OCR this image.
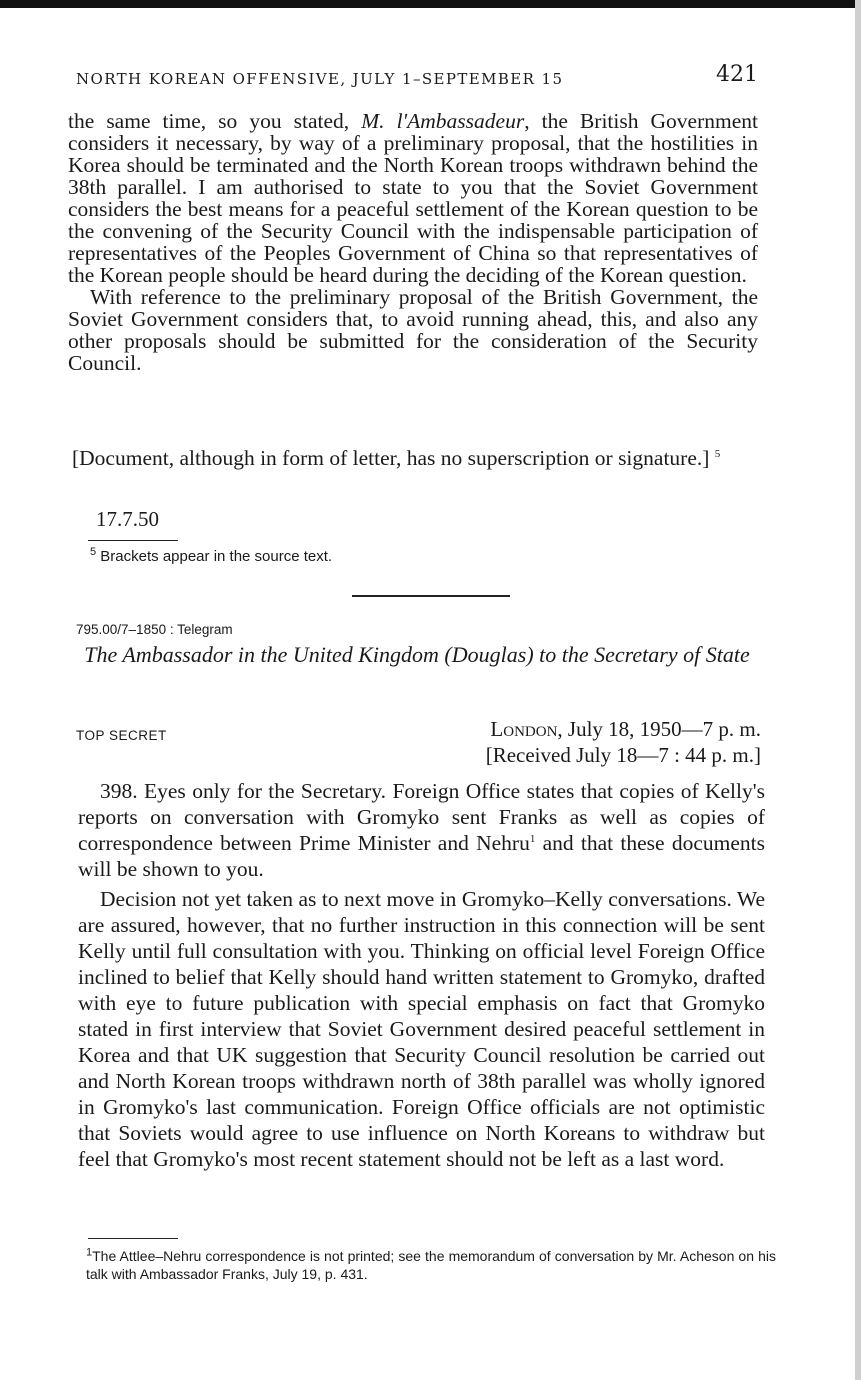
NORTH KOREAN OFFENSIVE, JULY 1–SEPTEMBER 15	421

the same time, so you stated, M. l'Ambassadeur, the British Government considers it necessary, by way of a preliminary proposal, that the hostilities in Korea should be terminated and the North Korean troops withdrawn behind the 38th parallel. I am authorised to state to you that the Soviet Government considers the best means for a peaceful settlement of the Korean question to be the convening of the Security Council with the indispensable participation of representatives of the Peoples Government of China so that representatives of the Korean people should be heard during the deciding of the Korean question.

With reference to the preliminary proposal of the British Government, the Soviet Government considers that, to avoid running ahead, this, and also any other proposals should be submitted for the consideration of the Security Council.

[Document, although in form of letter, has no superscription or signature.] $^5$
17.7.50
$^5$ Brackets appear in the source text.
795.00/7–1850 : Telegram
The Ambassador in the United Kingdom (Douglas) to the Secretary of State
TOP SECRET	London, July 18, 1950—7 p. m.
[Received July 18—7 : 44 p. m.]

398. Eyes only for the Secretary. Foreign Office states that copies of Kelly's reports on conversation with Gromyko sent Franks as well as copies of correspondence between Prime Minister and Nehru$^1$ and that these documents will be shown to you.

Decision not yet taken as to next move in Gromyko–Kelly conversations. We are assured, however, that no further instruction in this connection will be sent Kelly until full consultation with you. Thinking on official level Foreign Office inclined to belief that Kelly should hand written statement to Gromyko, drafted with eye to future publication with special emphasis on fact that Gromyko stated in first interview that Soviet Government desired peaceful settlement in Korea and that UK suggestion that Security Council resolution be carried out and North Korean troops withdrawn north of 38th parallel was wholly ignored in Gromyko's last communication. Foreign Office officials are not optimistic that Soviets would agree to use influence on North Koreans to withdraw but feel that Gromyko's most recent statement should not be left as a last word.

$^1$The Attlee–Nehru correspondence is not printed; see the memorandum of conversation by Mr. Acheson on his talk with Ambassador Franks, July 19, p. 431.
